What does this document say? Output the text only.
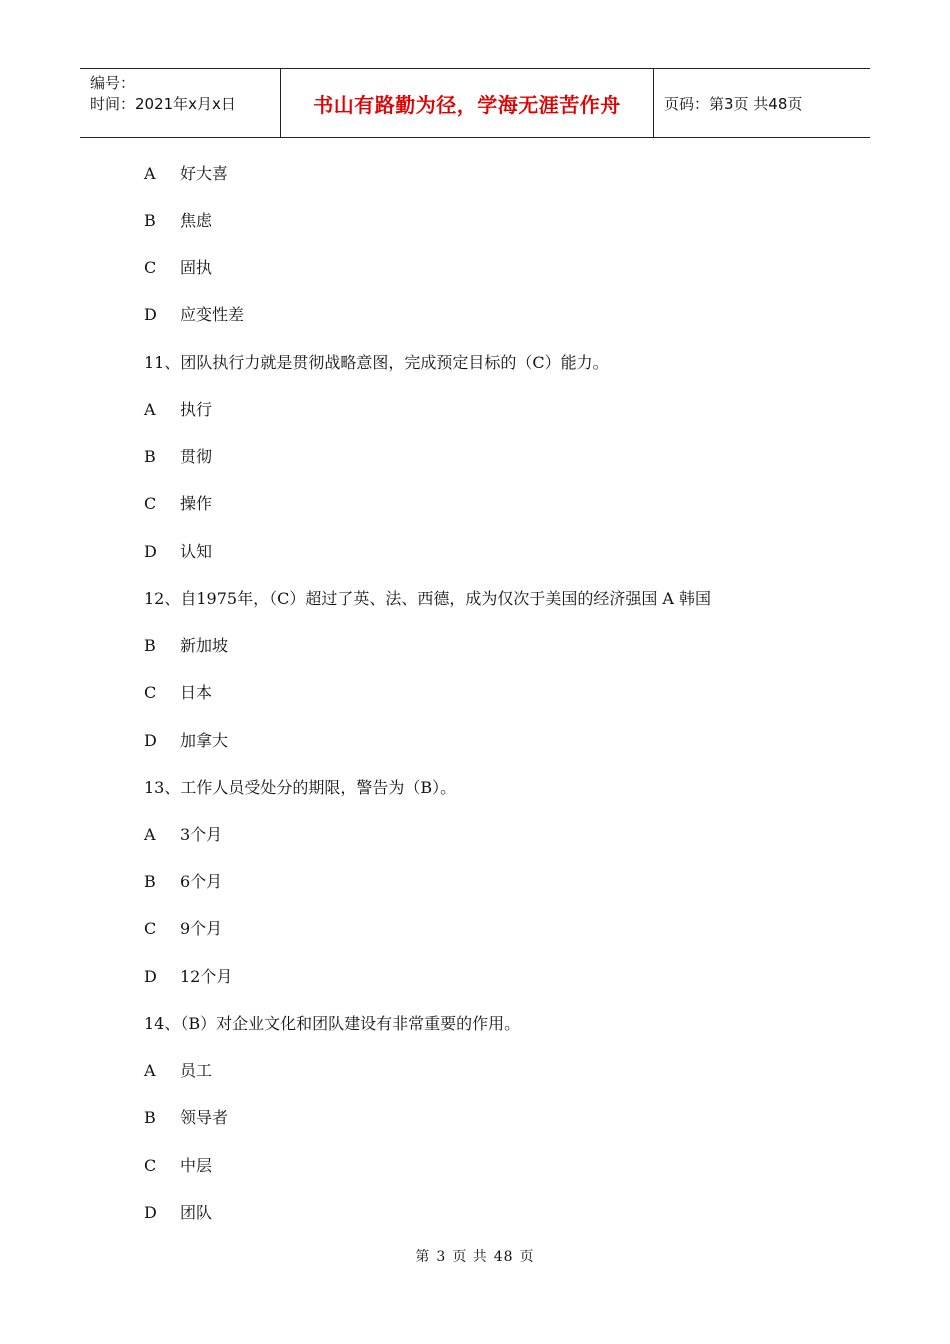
编号：
时间：2021年x月x日	书山有路勤为径，学海无涯苦作舟	页码：第3页 共48页
A 好大喜
B 焦虑
C 固执
D 应变性差
11、团队执行力就是贯彻战略意图，完成预定目标的（C）能力。
A 执行
B 贯彻
C 操作
D 认知
12、自1975年，（C）超过了英、法、西德，成为仅次于美国的经济强国 A 韩国
B 新加坡
C 日本
D 加拿大
13、工作人员受处分的期限，警告为（B）。
A 3个月
B 6个月
C 9个月
D 12个月
14、（B）对企业文化和团队建设有非常重要的作用。
A 员工
B 领导者
C 中层
D 团队
第 3 页 共 48 页
